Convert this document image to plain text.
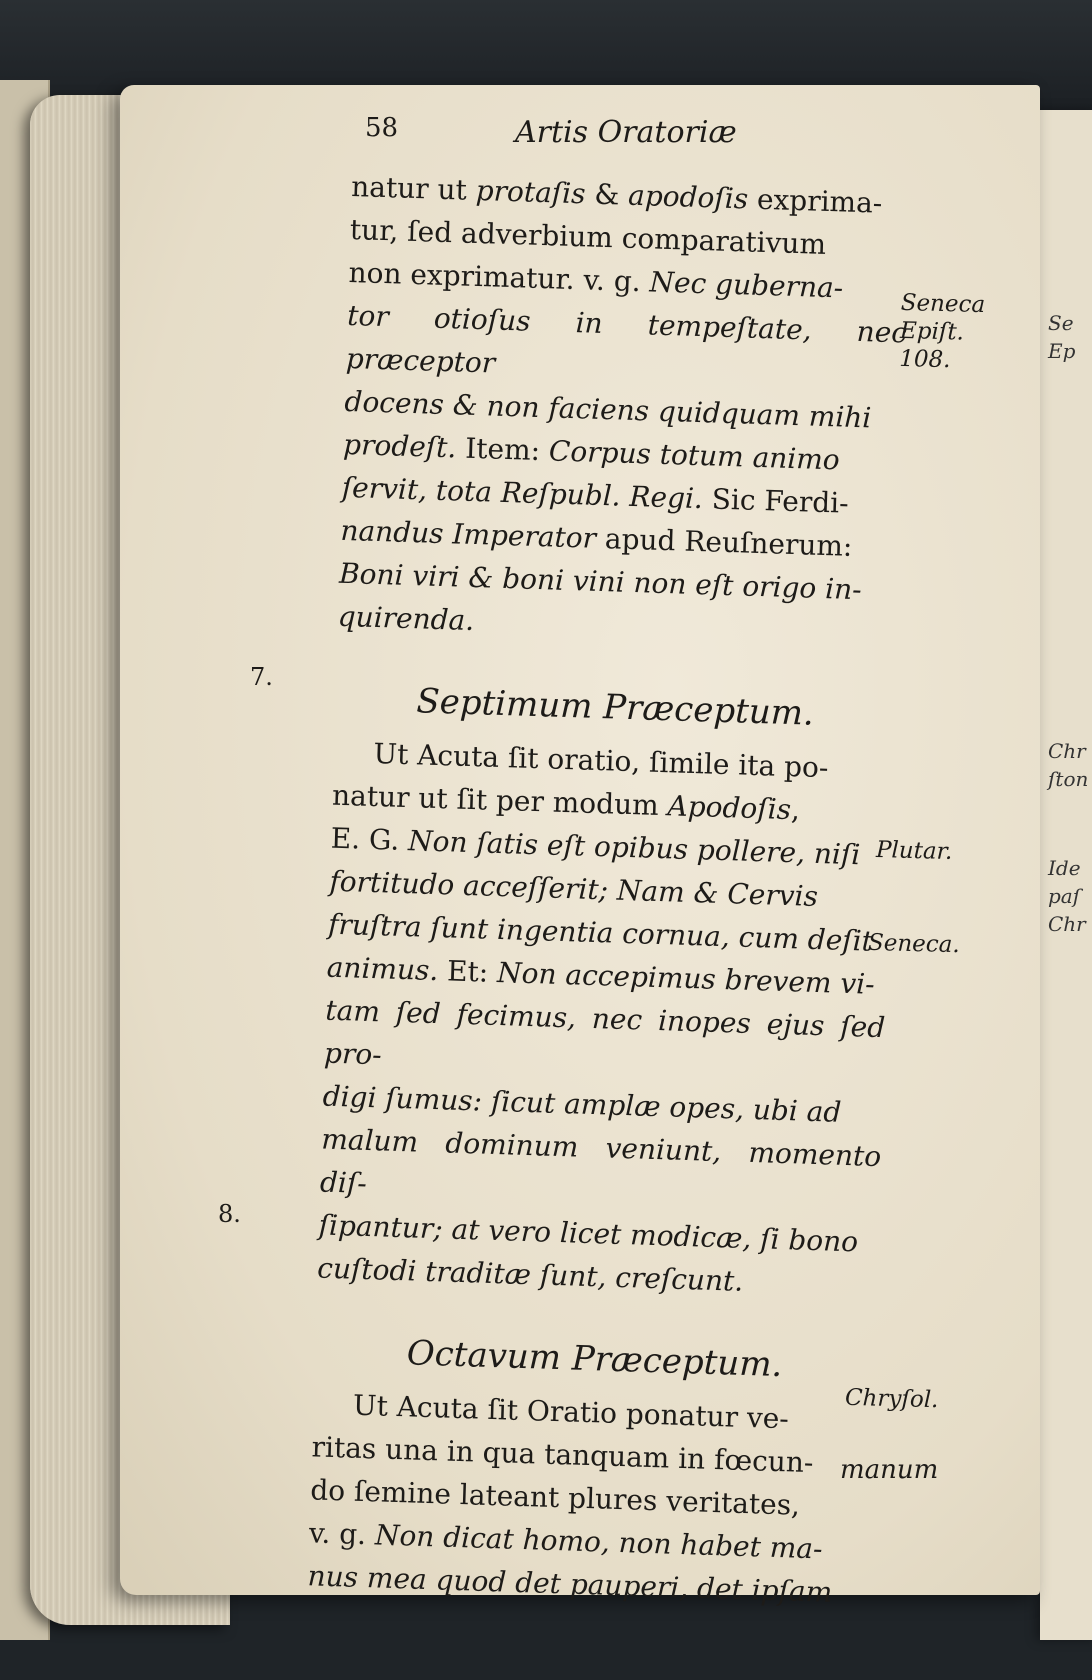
Se
Ep
Chr
ſton
Ide
paſ
Chr
58	Artis Oratoriæ

natur ut protaſis & apodoſis exprima-

tur, ſed adverbium comparativum

non exprimatur. v. g. Nec guberna-

tor otioſus in tempeſtate, nec præceptor

docens & non faciens quidquam mihi

prodeſt. Item: Corpus totum animo

ſervit, tota Reſpubl. Regi. Sic Ferdi-

nandus Imperator apud Reuſnerum:

Boni viri & boni vini non eſt origo in-

quirenda.

Septimum Præceptum.

Ut Acuta ſit oratio, ſimile ita po-

natur ut ſit per modum Apodoſis,

E. G. Non ſatis eſt opibus pollere, niſi

fortitudo acceſſerit; Nam & Cervis

fruſtra ſunt ingentia cornua, cum deſit

animus. Et: Non accepimus brevem vi-

tam ſed fecimus, nec inopes ejus ſed pro-

digi ſumus: ſicut amplæ opes, ubi ad

malum dominum veniunt, momento diſ-

ſipantur; at vero licet modicæ, ſi bono

cuſtodi traditæ ſunt, creſcunt.

Octavum Præceptum.

Ut Acuta ſit Oratio ponatur ve-

ritas una in qua tanquam in fœcun-

do ſemine lateant plures veritates,

v. g. Non dicat homo, non habet ma-

nus mea quod det pauperi, det ipſam

7.
8.
Seneca
Epiſt.
108.
Plutar.
Seneca.
Chryſol.
manum
